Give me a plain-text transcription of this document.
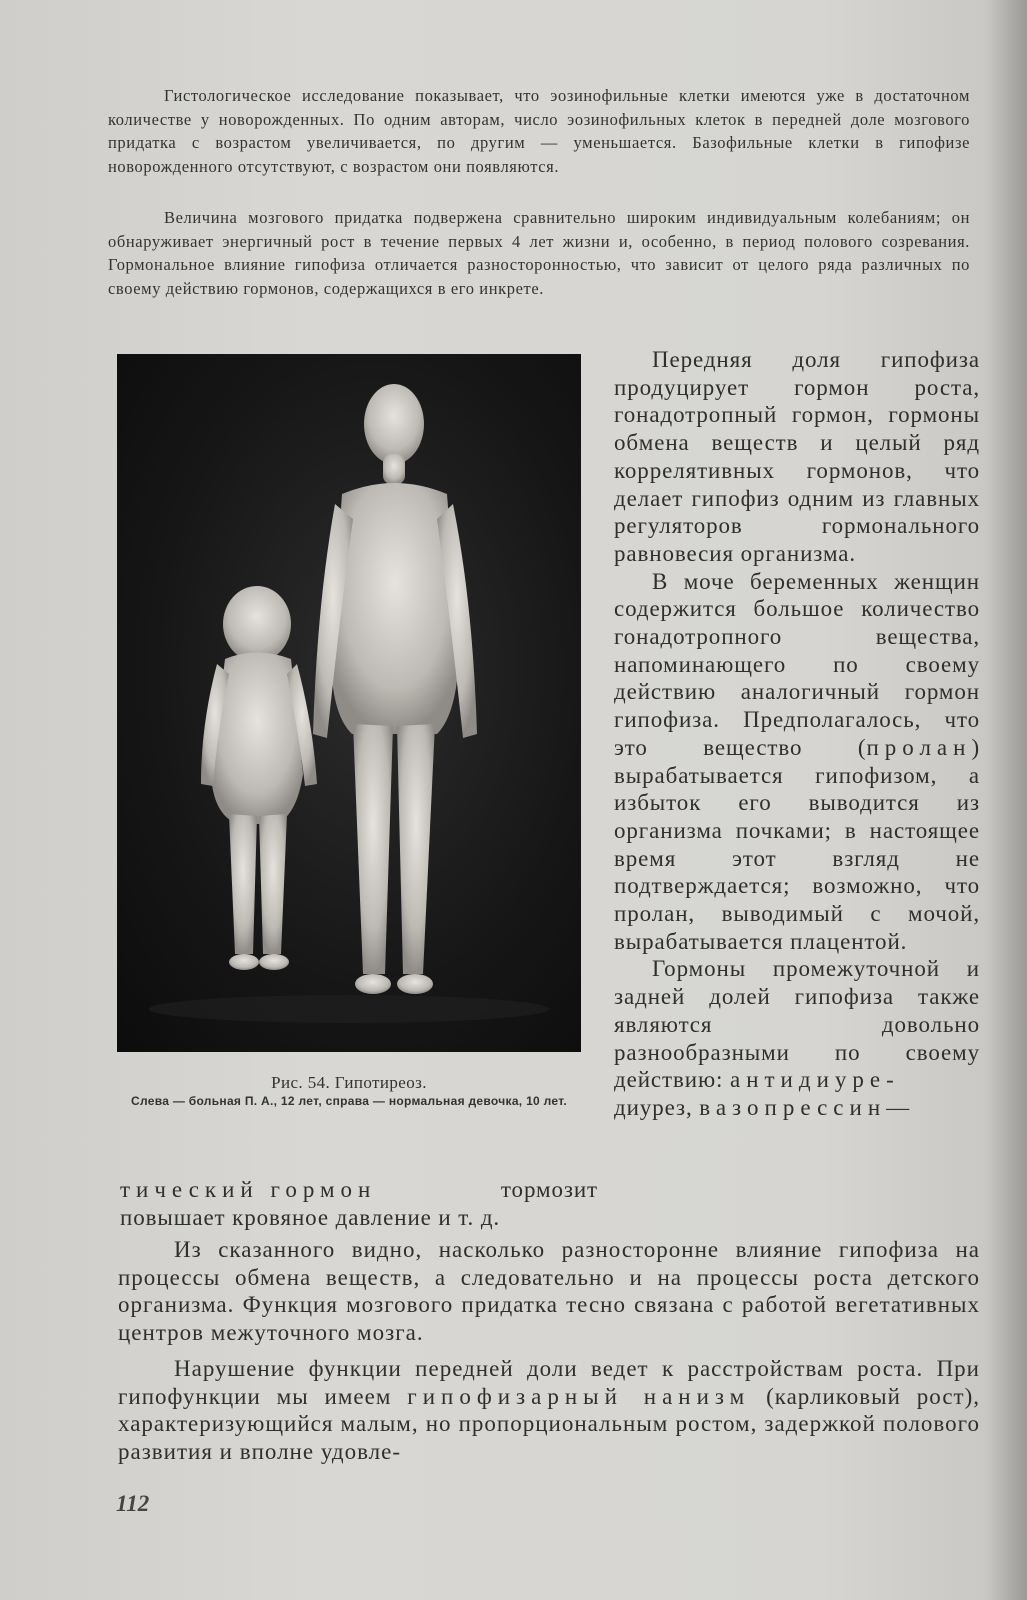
Гистологическое исследование показывает, что эозинофильные клетки имеются уже в достаточном количестве у новорожденных. По одним авторам, число эозинофильных клеток в передней доле мозгового придатка с возрастом увеличивается, по другим — уменьшается. Базофильные клетки в гипофизе новорожденного отсутствуют, с возрастом они появляются.

Величина мозгового придатка подвержена сравнительно широким индивидуальным колебаниям; он обнаруживает энергичный рост в течение первых 4 лет жизни и, особенно, в период полового созревания. Гормональное влияние гипофиза отличается разносторонностью, что зависит от целого ряда различных по своему действию гормонов, содержащихся в его инкрете.

Рис. 54. Гипотиреоз.
Слева — больная П. А., 12 лет, справа — нормальная девочка, 10 лет.

Передняя доля гипофиза продуцирует гормон роста, гонадотропный гормон, гормоны обмена веществ и целый ряд коррелятивных гормонов, что делает гипофиз одним из главных регуляторов гормонального равновесия организма.

В моче беременных женщин содержится большое количество гонадотропного вещества, напоминающего по своему действию аналогичный гормон гипофиза. Предполагалось, что это вещество (пролан) вырабатывается гипофизом, а избыток его выводится из организма почками; в настоящее время этот взгляд не подтверждается; возможно, что пролан, выводимый с мочой, вырабатывается плацентой.

Гормоны промежуточной и задней долей гипофиза также являются довольно разнообразными по своему действию: антидиуре-
диурез, вазопрессин—

тический гормон	тормозит
повышает кровяное давление и т. д.

Из сказанного видно, насколько разносторонне влияние гипофиза на процессы обмена веществ, а следовательно и на процессы роста детского организма. Функция мозгового придатка тесно связана с работой вегетативных центров межуточного мозга.

Нарушение функции передней доли ведет к расстройствам роста. При гипофункции мы имеем гипофизарный нанизм (карликовый рост), характеризующийся малым, но пропорциональным ростом, задержкой полового развития и вполне удовле-

112
